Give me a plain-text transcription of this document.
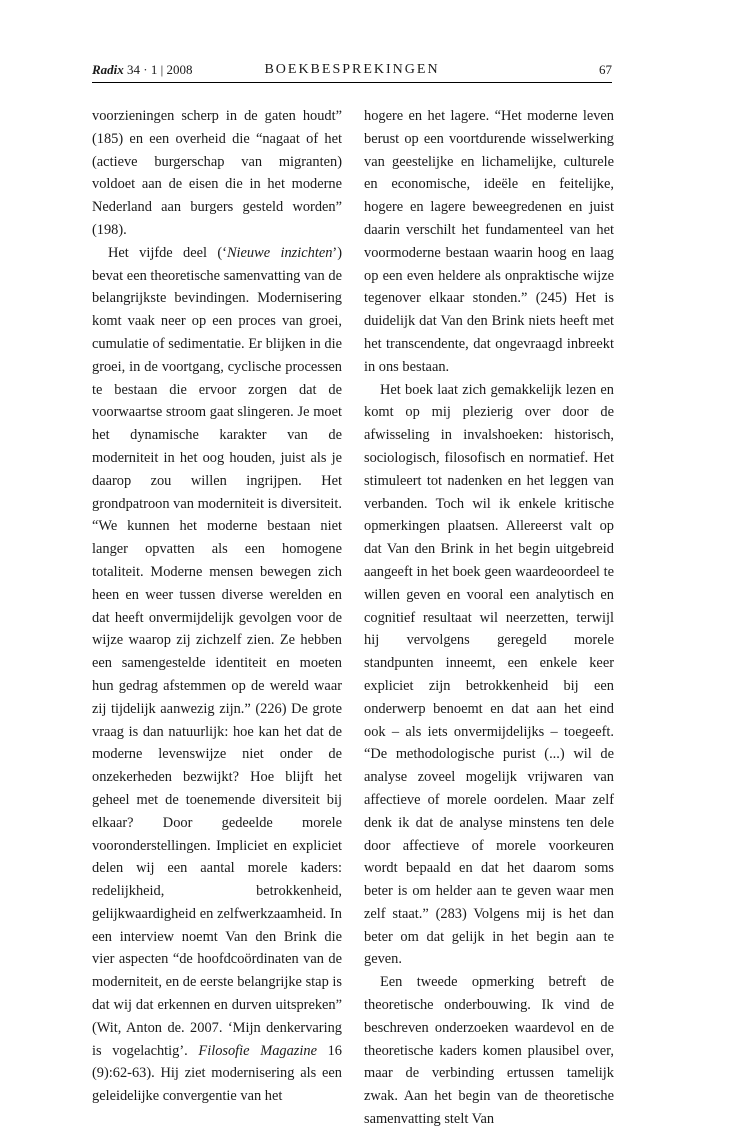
Radix 34 · 1 | 2008	BOEKBESPREKINGEN	67

voorzieningen scherp in de gaten houdt” (185) en een overheid die “nagaat of het (actieve burgerschap van migranten) voldoet aan de eisen die in het moderne Nederland aan burgers gesteld worden” (198).

Het vijfde deel (‘Nieuwe inzichten’) bevat een theoretische samenvatting van de belangrijkste bevindingen. Modernisering komt vaak neer op een proces van groei, cumulatie of sedimentatie. Er blijken in die groei, in de voortgang, cyclische processen te bestaan die ervoor zorgen dat de voorwaartse stroom gaat slingeren. Je moet het dynamische karakter van de moderniteit in het oog houden, juist als je daarop zou willen ingrijpen. Het grondpatroon van moderniteit is diversiteit. “We kunnen het moderne bestaan niet langer opvatten als een homogene totaliteit. Moderne mensen bewegen zich heen en weer tussen diverse werelden en dat heeft onvermijdelijk gevolgen voor de wijze waarop zij zichzelf zien. Ze hebben een samengestelde identiteit en moeten hun gedrag afstemmen op de wereld waar zij tijdelijk aanwezig zijn.” (226) De grote vraag is dan natuurlijk: hoe kan het dat de moderne levenswijze niet onder de onzekerheden bezwijkt? Hoe blijft het geheel met de toenemende diversiteit bij elkaar? Door gedeelde morele vooronderstellingen. Impliciet en expliciet delen wij een aantal morele kaders: redelijkheid, betrokkenheid, gelijkwaardigheid en zelfwerkzaamheid. In een interview noemt Van den Brink die vier aspecten “de hoofdcoördinaten van de moderniteit, en de eerste belangrijke stap is dat wij dat erkennen en durven uitspreken” (Wit, Anton de. 2007. ‘Mijn denkervaring is vogelachtig’. Filosofie Magazine 16 (9):62-63). Hij ziet modernisering als een geleidelijke convergentie van het

hogere en het lagere. “Het moderne leven berust op een voortdurende wisselwerking van geestelijke en lichamelijke, culturele en economische, ideële en feitelijke, hogere en lagere beweegredenen en juist daarin verschilt het fundamenteel van het voormoderne bestaan waarin hoog en laag op een even heldere als onpraktische wijze tegenover elkaar stonden.” (245) Het is duidelijk dat Van den Brink niets heeft met het transcendente, dat ongevraagd inbreekt in ons bestaan.

Het boek laat zich gemakkelijk lezen en komt op mij plezierig over door de afwisseling in invalshoeken: historisch, sociologisch, filosofisch en normatief. Het stimuleert tot nadenken en het leggen van verbanden. Toch wil ik enkele kritische opmerkingen plaatsen. Allereerst valt op dat Van den Brink in het begin uitgebreid aangeeft in het boek geen waardeoordeel te willen geven en vooral een analytisch en cognitief resultaat wil neerzetten, terwijl hij vervolgens geregeld morele standpunten inneemt, een enkele keer expliciet zijn betrokkenheid bij een onderwerp benoemt en dat aan het eind ook – als iets onvermijdelijks – toegeeft. “De methodologische purist (...) wil de analyse zoveel mogelijk vrijwaren van affectieve of morele oordelen. Maar zelf denk ik dat de analyse minstens ten dele door affectieve of morele voorkeuren wordt bepaald en dat het daarom soms beter is om helder aan te geven waar men zelf staat.” (283) Volgens mij is het dan beter om dat gelijk in het begin aan te geven.

Een tweede opmerking betreft de theoretische onderbouwing. Ik vind de beschreven onderzoeken waardevol en de theoretische kaders komen plausibel over, maar de verbinding ertussen tamelijk zwak. Aan het begin van de theoretische samenvatting stelt Van
